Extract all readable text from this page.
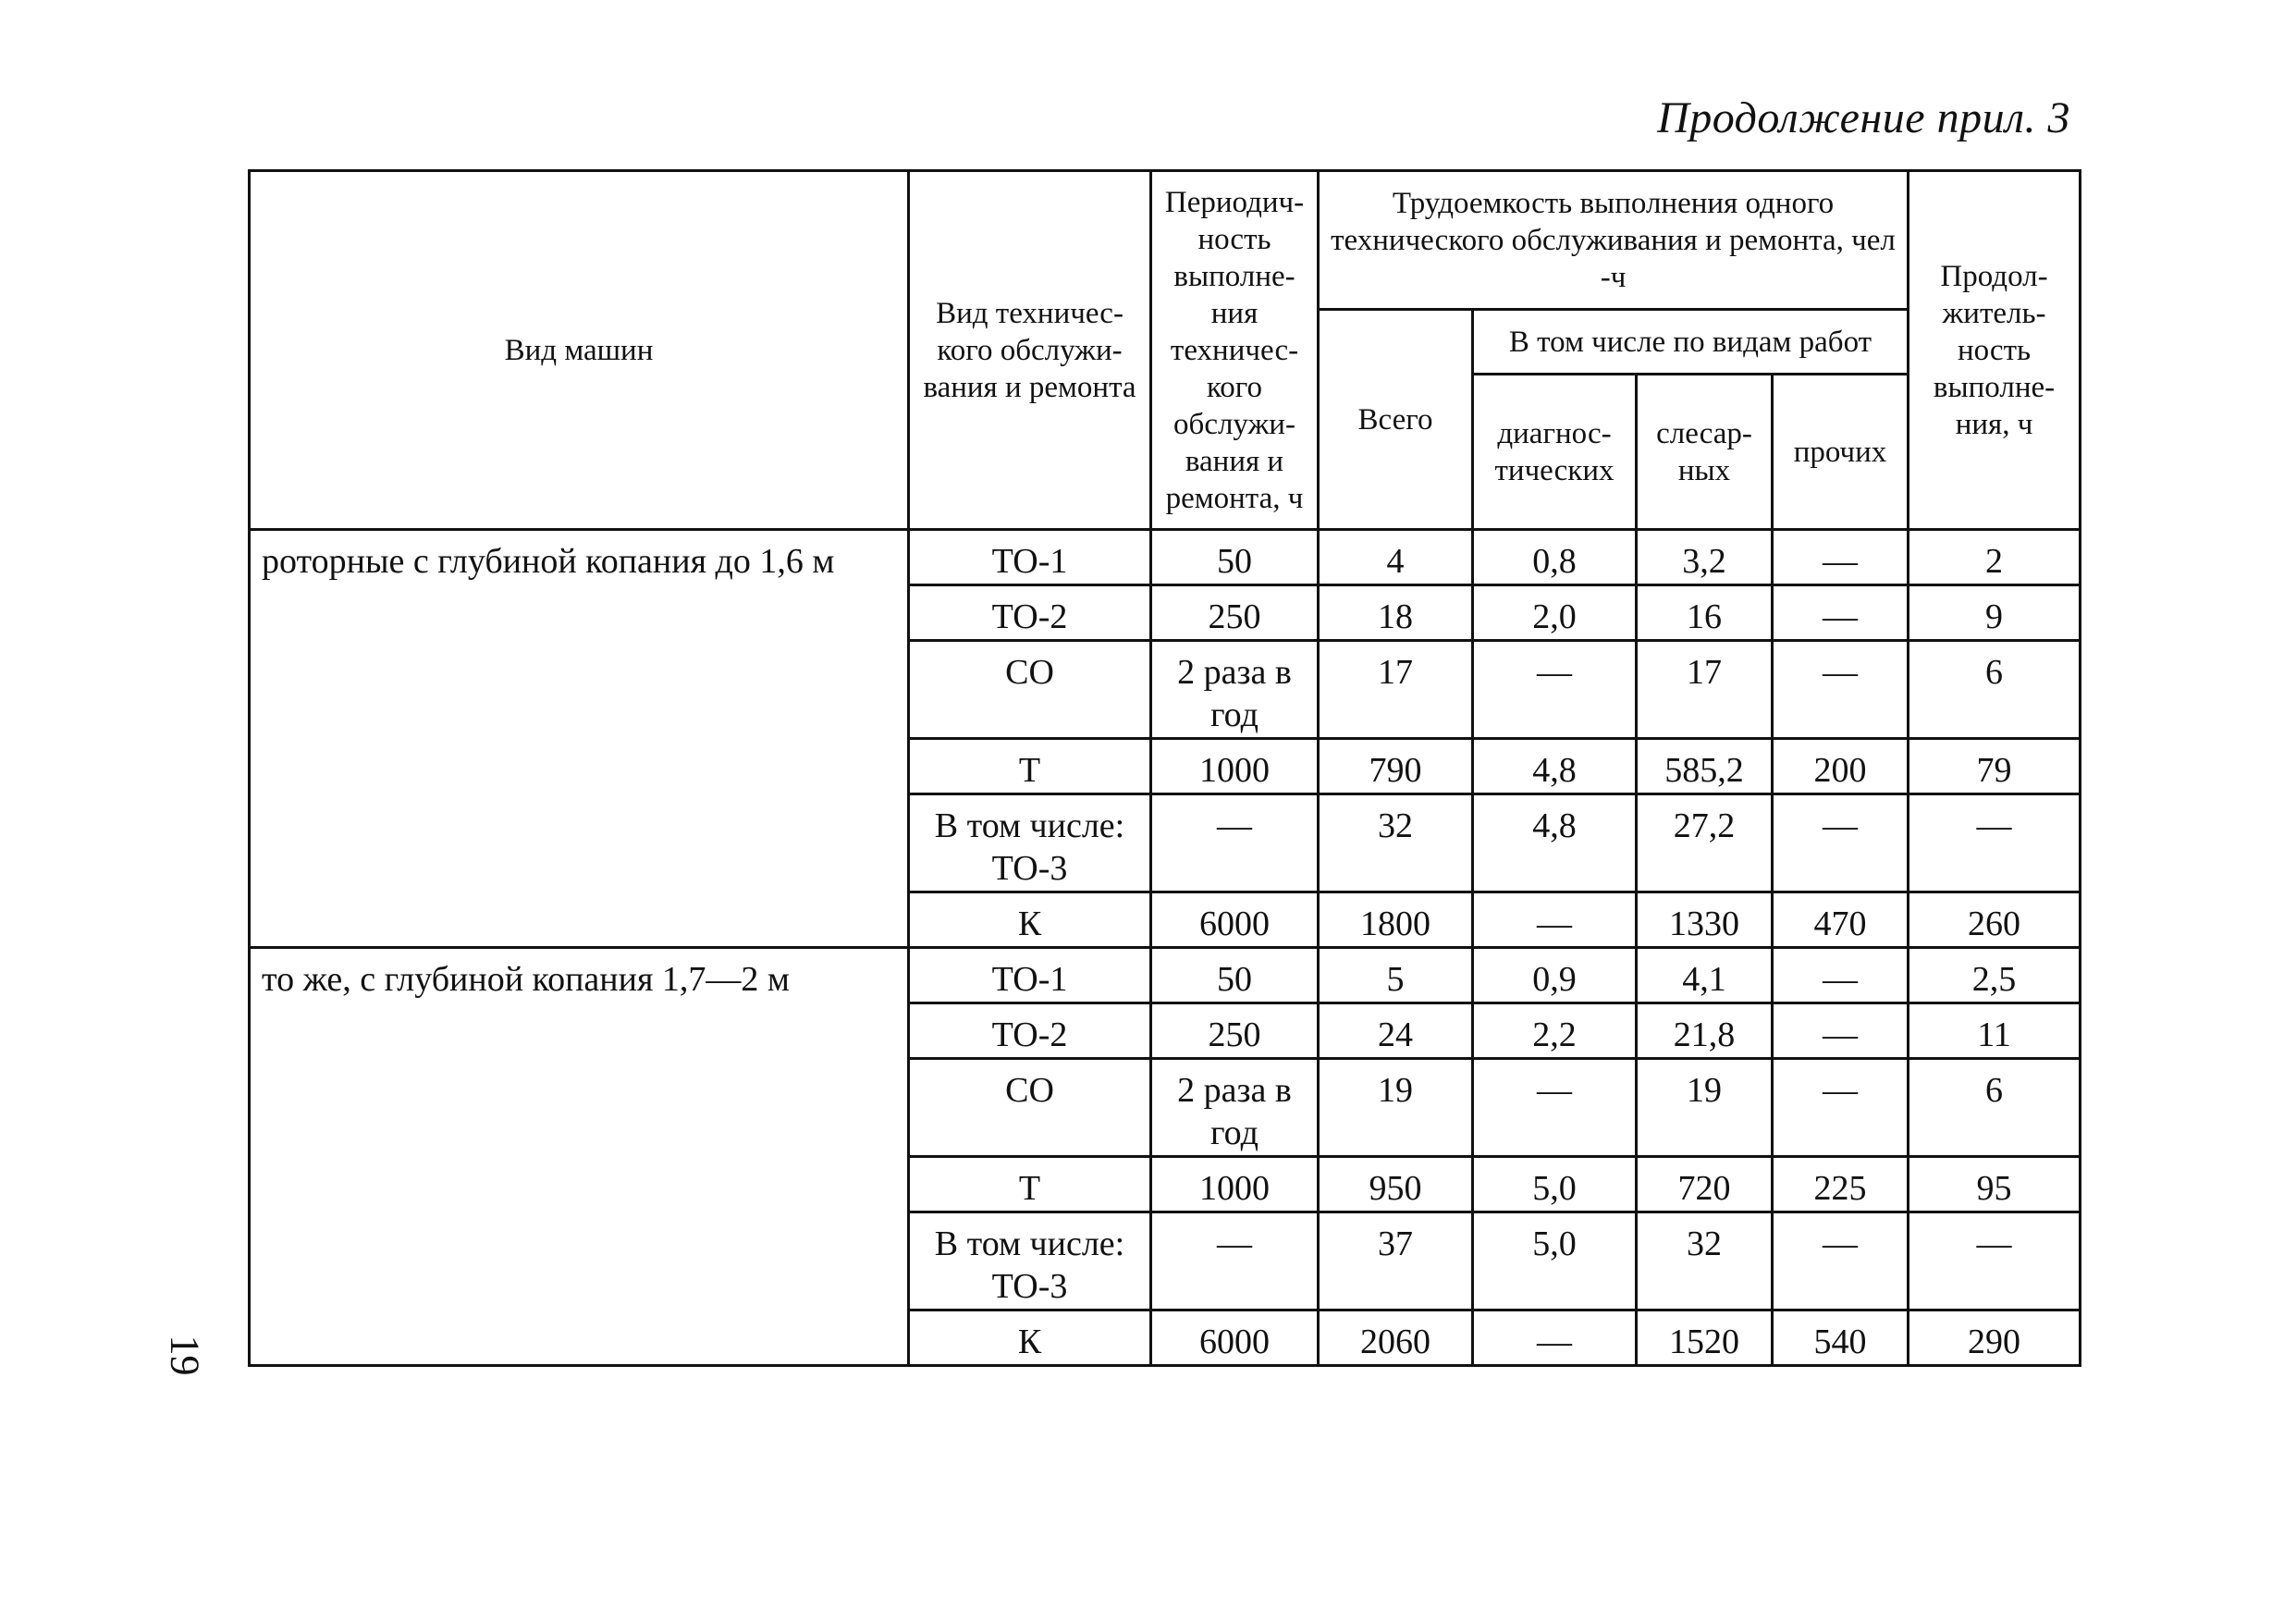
Продолжение прил. 3
19
Вид машин	Вид техничес-кого обслужи-вания и ремонта	Периодич-ность выполне-ния техничес-кого обслужи-вания и ремонта, ч	Трудоемкость выполнения одного технического обслуживания и ремонта, чел -ч				Продол-житель-ность выполне-ния, ч
			Всего	В том числе по видам работ			
				диагнос-тических	слесар-ных	прочих	
роторные с глубиной копания до 1,6 м	ТО-1	50	4	0,8	3,2	—	2
	ТО-2	250	18	2,0	16	—	9
	СО	2 раза в год	17	—	17	—	6
	Т	1000	790	4,8	585,2	200	79
	В том числе: ТО-3	—	32	4,8	27,2	—	—
	К	6000	1800	—	1330	470	260
то же, с глубиной копания 1,7—2 м	ТО-1	50	5	0,9	4,1	—	2,5
	ТО-2	250	24	2,2	21,8	—	11
	СО	2 раза в год	19	—	19	—	6
	Т	1000	950	5,0	720	225	95
	В том числе: ТО-3	—	37	5,0	32	—	—
	К	6000	2060	—	1520	540	290
